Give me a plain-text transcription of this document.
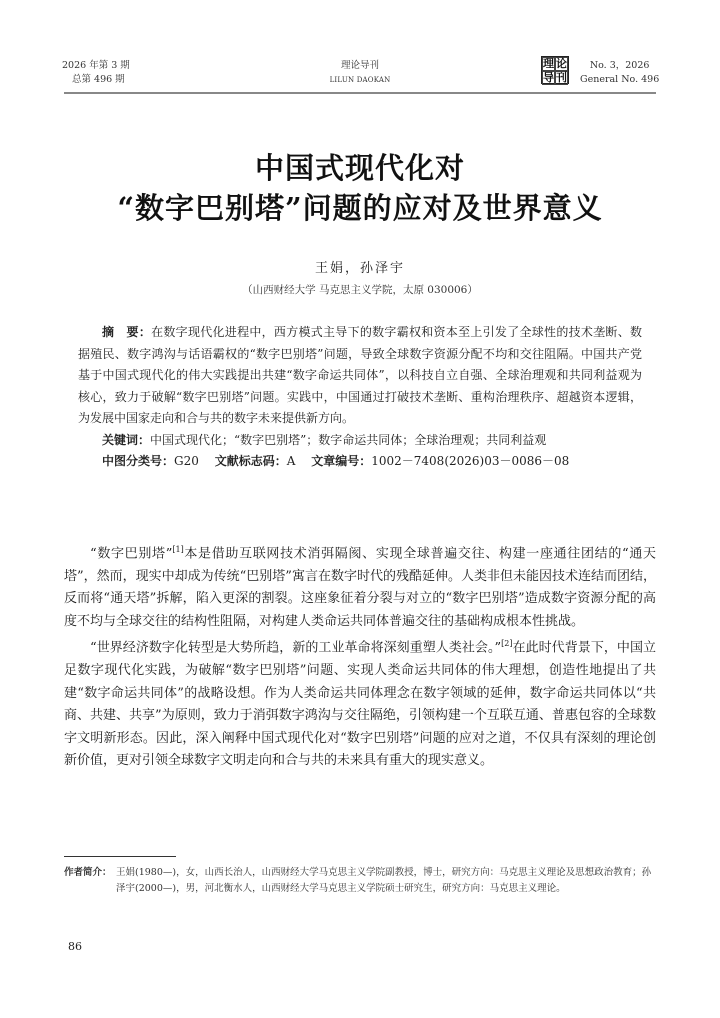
2026 年第 3 期
总第 496 期
理论导刊
LILUN DAOKAN
理 论
导 刊
No. 3，2026
General No. 496
中国式现代化对
“数字巴别塔”问题的应对及世界意义
王娟，孙泽宇
（山西财经大学 马克思主义学院，太原 030006）
摘　要：在数字现代化进程中，西方模式主导下的数字霸权和资本至上引发了全球性的技术垄断、数据殖民、数字鸿沟与话语霸权的“数字巴别塔”问题，导致全球数字资源分配不均和交往阻隔。中国共产党基于中国式现代化的伟大实践提出共建“数字命运共同体”，以科技自立自强、全球治理观和共同利益观为核心，致力于破解“数字巴别塔”问题。实践中，中国通过打破技术垄断、重构治理秩序、超越资本逻辑，为发展中国家走向和合与共的数字未来提供新方向。
关键词：中国式现代化；“数字巴别塔”；数字命运共同体；全球治理观；共同利益观
中图分类号：G20 文献标志码：A 文章编号：1002－7408(2026)03－0086－08

“数字巴别塔”[1]本是借助互联网技术消弭隔阂、实现全球普遍交往、构建一座通往团结的“通天塔”，然而，现实中却成为传统“巴别塔”寓言在数字时代的残酷延伸。人类非但未能因技术连结而团结，反而将“通天塔”拆解，陷入更深的割裂。这座象征着分裂与对立的“数字巴别塔”造成数字资源分配的高度不均与全球交往的结构性阻隔，对构建人类命运共同体普遍交往的基础构成根本性挑战。

“世界经济数字化转型是大势所趋，新的工业革命将深刻重塑人类社会。”[2]在此时代背景下，中国立足数字现代化实践，为破解“数字巴别塔”问题、实现人类命运共同体的伟大理想，创造性地提出了共建“数字命运共同体”的战略设想。作为人类命运共同体理念在数字领域的延伸，数字命运共同体以“共商、共建、共享”为原则，致力于消弭数字鸿沟与交往隔绝，引领构建一个互联互通、普惠包容的全球数字文明新形态。因此，深入阐释中国式现代化对“数字巴别塔”问题的应对之道，不仅具有深刻的理论创新价值，更对引领全球数字文明走向和合与共的未来具有重大的现实意义。

作者简介： 王娟(1980—)，女，山西长治人，山西财经大学马克思主义学院副教授，博士，研究方向：马克思主义理论及思想政治教育；孙泽宇(2000—)，男，河北衡水人，山西财经大学马克思主义学院硕士研究生，研究方向：马克思主义理论。
86
